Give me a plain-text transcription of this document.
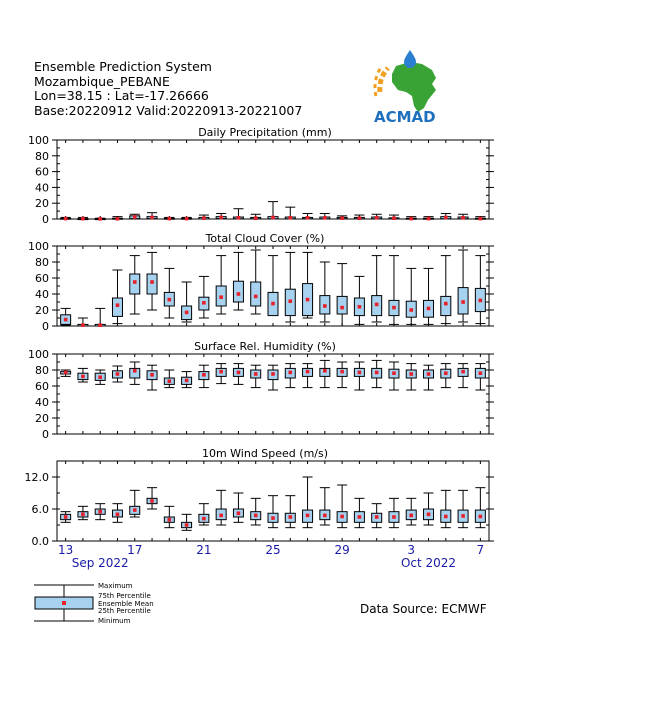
Ensemble Prediction System
Mozambique_PEBANE
Lon=38.15 : Lat=-17.26666
Base:20220912 Valid:20220913-20221007	ACMAD
Daily Precipitation (mm)
0
20
40
60
80
100
Total Cloud Cover (%)
0
20
40
60
80
100
Surface Rel. Humidity (%)
0
20
40
60
80
100
10m Wind Speed (m/s)
0.0
6.0
12.0
13	17	21	25	29	3	7
Sep 2022	Oct 2022
Data Source: ECMWF
Maximum
75th Percentile
Ensemble Mean
25th Percentile
Minimum
